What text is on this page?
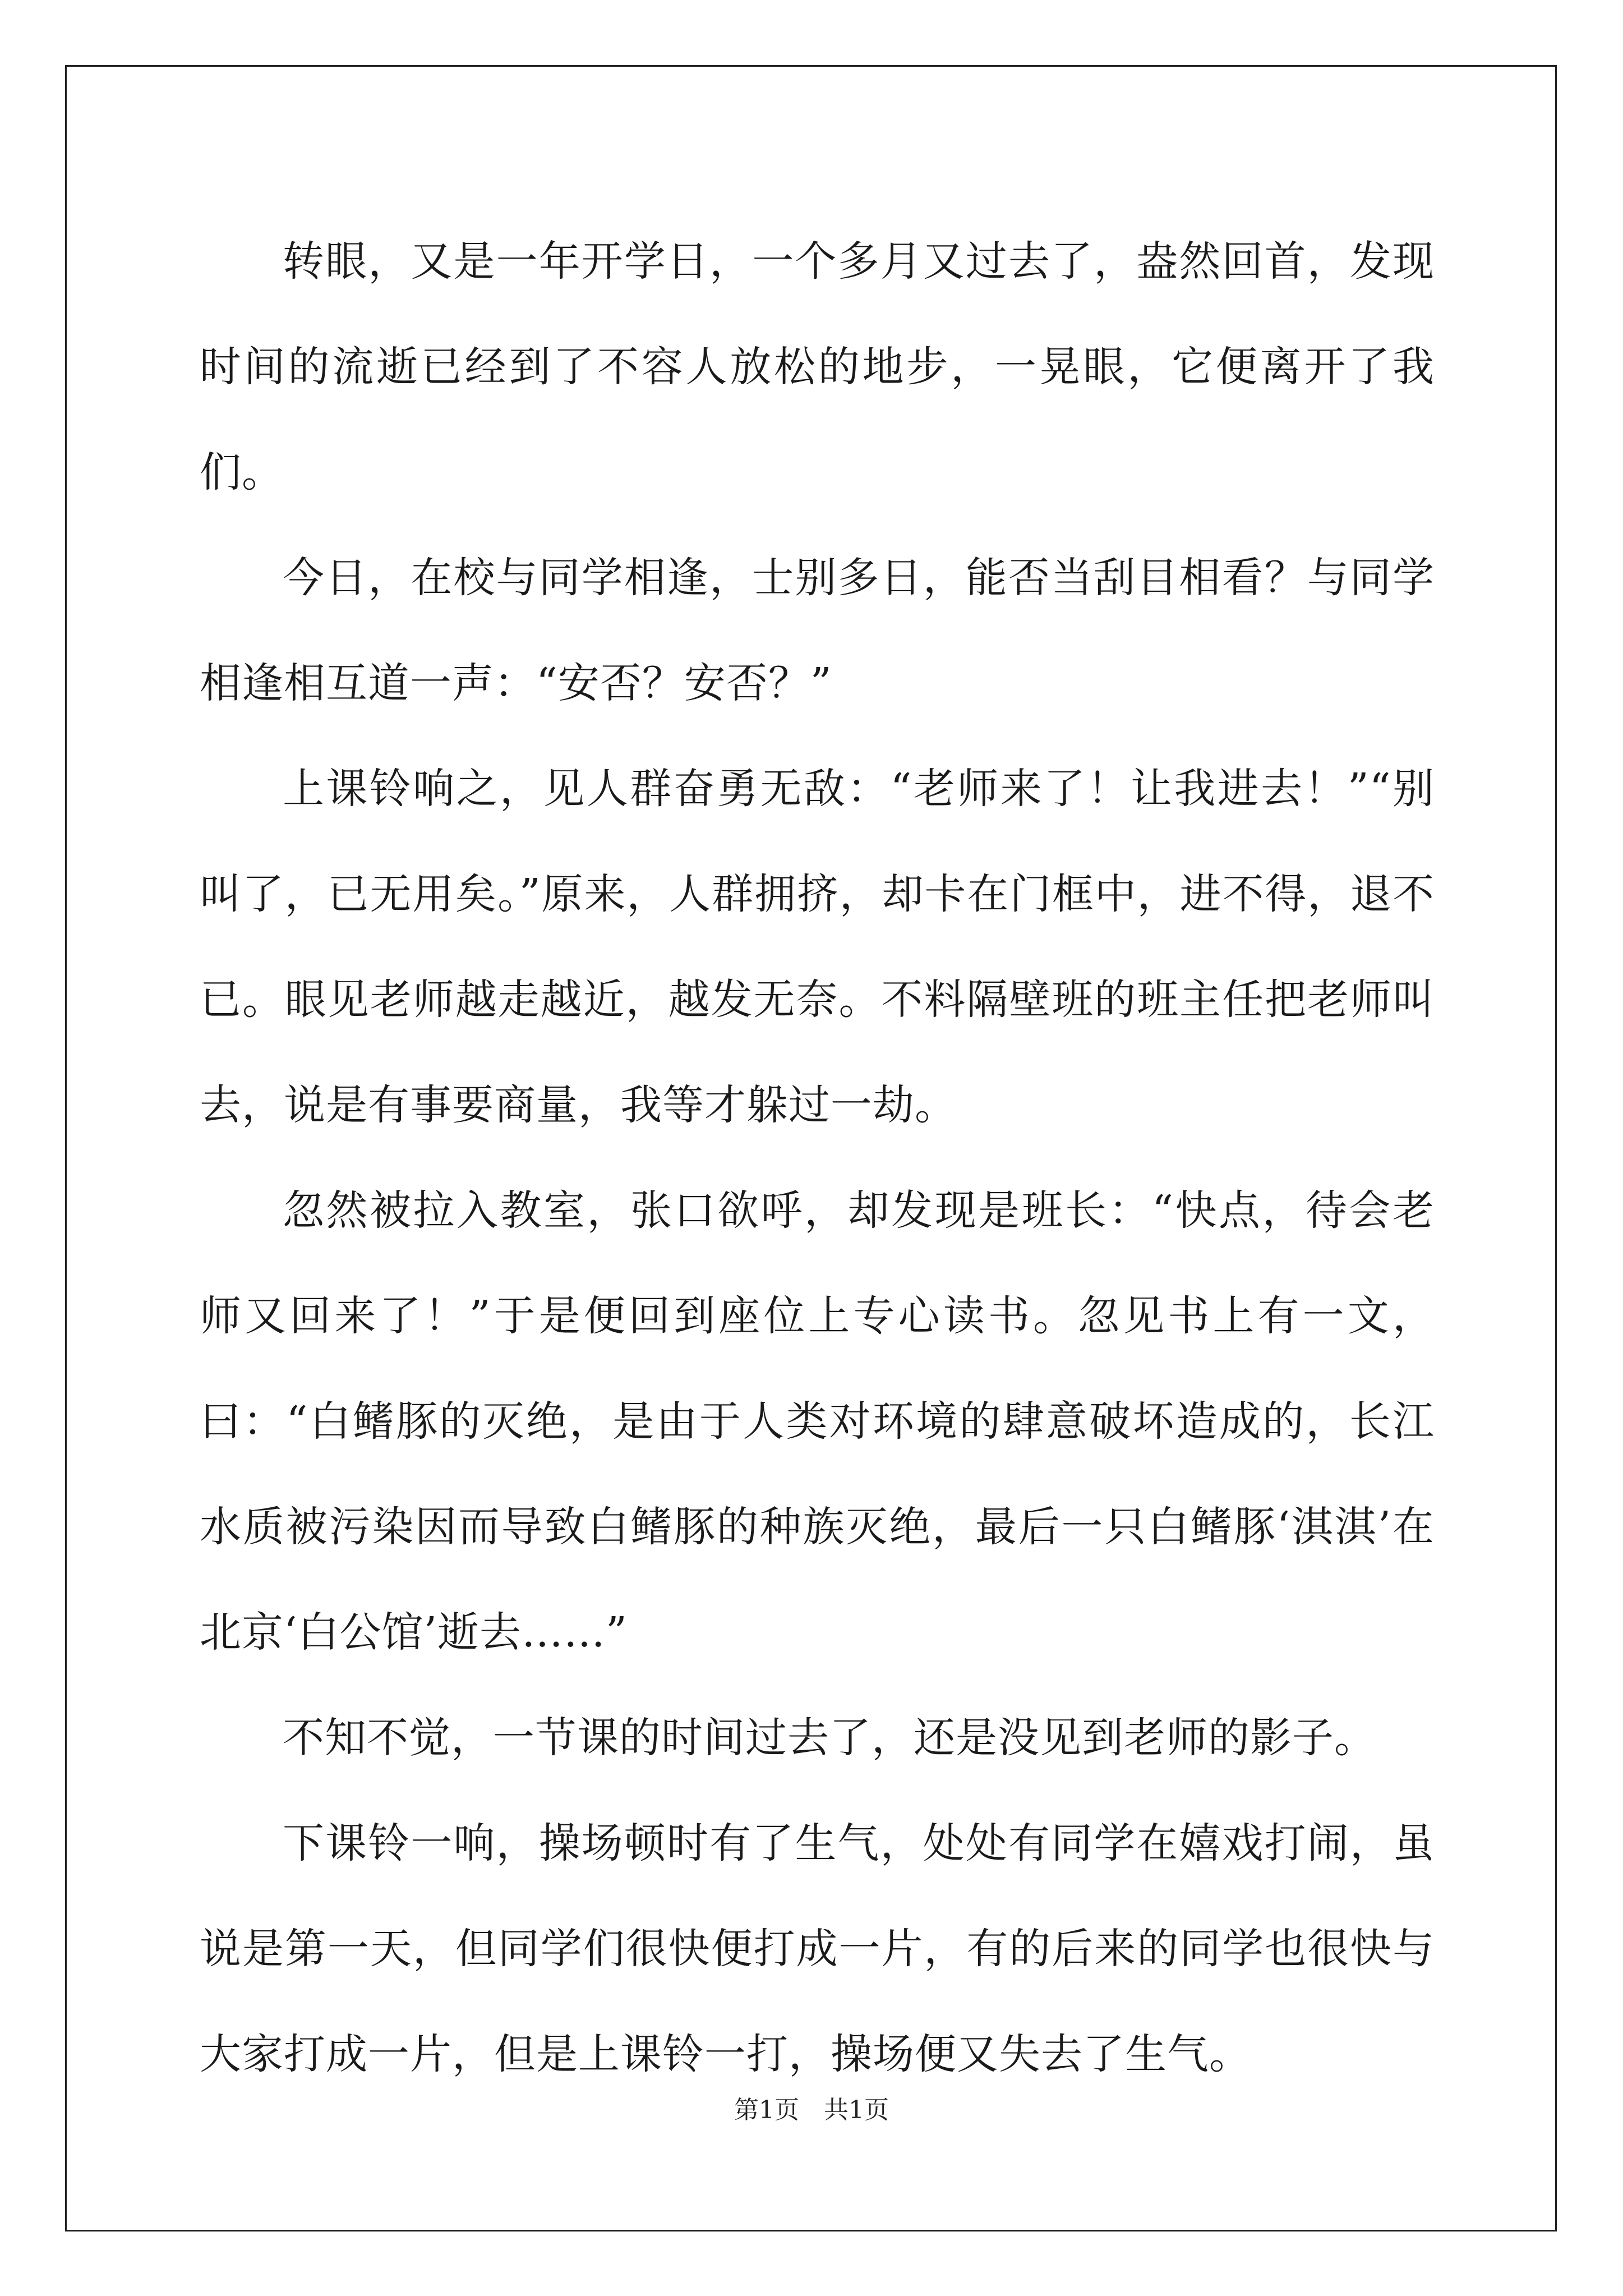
转眼，又是一年开学日，一个多月又过去了，盎然回首，发现时间的流逝已经到了不容人放松的地步，一晃眼，它便离开了我们。

今日，在校与同学相逢，士别多日，能否当刮目相看？与同学相逢相互道一声：“安否？安否？”

上课铃响之，见人群奋勇无敌：“老师来了！让我进去！”“别叫了，已无用矣。”原来，人群拥挤，却卡在门框中，进不得，退不已。眼见老师越走越近，越发无奈。不料隔壁班的班主任把老师叫去，说是有事要商量，我等才躲过一劫。

忽然被拉入教室，张口欲呼，却发现是班长：“快点，待会老师又回来了！”于是便回到座位上专心读书。忽见书上有一文，曰：“白鳍豚的灭绝，是由于人类对环境的肆意破坏造成的，长江水质被污染因而导致白鳍豚的种族灭绝，最后一只白鳍豚‘淇淇’在北京‘白公馆’逝去……”

不知不觉，一节课的时间过去了，还是没见到老师的影子。

下课铃一响，操场顿时有了生气，处处有同学在嬉戏打闹，虽说是第一天，但同学们很快便打成一片，有的后来的同学也很快与大家打成一片，但是上课铃一打，操场便又失去了生气。

第1页 共1页
